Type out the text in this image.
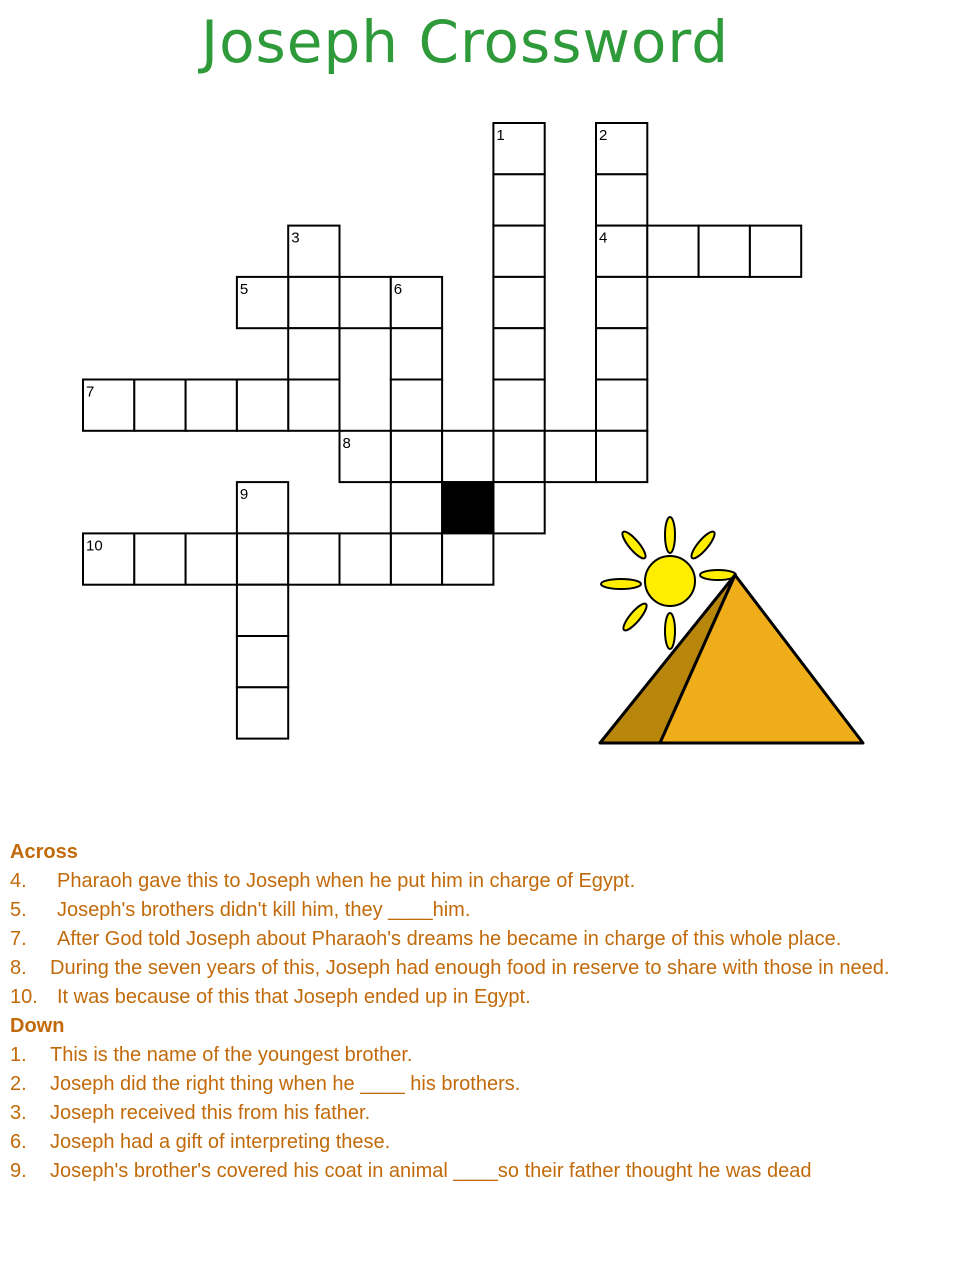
Joseph Crossword
1	2
4
3
5	6
7
8
9
10
Across
4.	Pharaoh gave this to Joseph when he put him in charge of Egypt.
5.	Joseph's brothers didn't kill him, they ____him.
7.	After God told Joseph about Pharaoh's dreams he became in charge of this whole place.
8.	During the seven years of this, Joseph had enough food in reserve to share with those in need.
10. It was because of this that Joseph ended up in Egypt.
Down
1.	This is the name of the youngest brother.
2.	Joseph did the right thing when he ____ his brothers.
3.	Joseph received this from his father.
6.	Joseph had a gift of interpreting these.
9.	Joseph's brother's covered his coat in animal ____so their father thought he was dead
